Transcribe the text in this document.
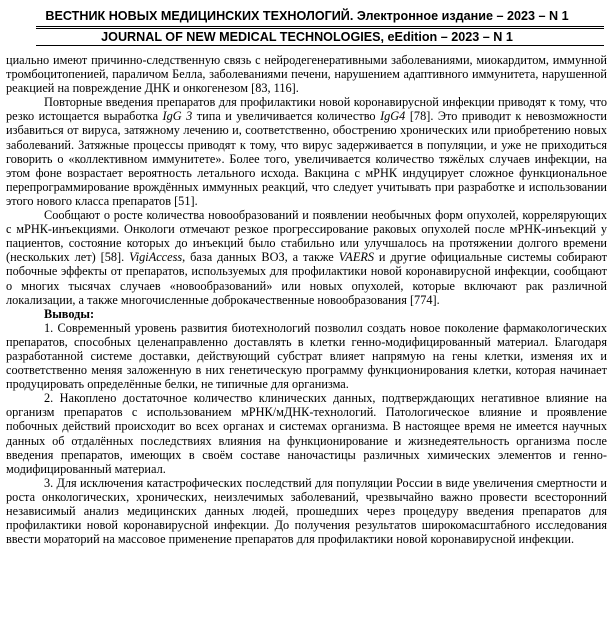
ВЕСТНИК НОВЫХ МЕДИЦИНСКИХ ТЕХНОЛОГИЙ. Электронное издание – 2023 – N 1
JOURNAL OF NEW MEDICAL TECHNOLOGIES, eEdition – 2023 – N 1

циально имеют причинно-следственную связь с нейродегенеративными заболеваниями, миокардитом, иммунной тромбоцитопенией, параличом Белла, заболеваниями печени, нарушением адаптивного иммунитета, нарушенной реакцией на повреждение ДНК и онкогенезом [83, 116].

Повторные введения препаратов для профилактики новой коронавирусной инфекции приводят к тому, что резко истощается выработка IgG 3 типа и увеличивается количество IgG4 [78]. Это приводит к невозможности избавиться от вируса, затяжному лечению и, соответственно, обострению хронических или приобретению новых заболеваний. Затяжные процессы приводят к тому, что вирус задерживается в популяции, и уже не приходиться говорить о «коллективном иммунитете». Более того, увеличивается количество тяжёлых случаев инфекции, на этом фоне возрастает вероятность летального исхода. Вакцина с мРНК индуцирует сложное функциональное перепрограммирование врождённых иммунных реакций, что следует учитывать при разработке и использовании этого нового класса препаратов [51].

Сообщают о росте количества новообразований и появлении необычных форм опухолей, коррелярующих с мРНК-инъекциями. Онкологи отмечают резкое прогрессирование раковых опухолей после мРНК-инъекций у пациентов, состояние которых до инъекций было стабильно или улучшалось на протяжении долгого времени (нескольких лет) [58]. VigiAccess, база данных ВОЗ, а также VAERS и другие официальные системы собирают побочные эффекты от препаратов, используемых для профилактики новой коронавирусной инфекции, сообщают о многих тысячах случаев «новообразований» или новых опухолей, которые включают рак различной локализации, а также многочисленные доброкачественные новообразования [774].

Выводы:

1. Современный уровень развития биотехнологий позволил создать новое поколение фармакологических препаратов, способных целенаправленно доставлять в клетки генно-модифицированный материал. Благодаря разработанной системе доставки, действующий субстрат влияет напрямую на гены клетки, изменяя их и соответственно меняя заложенную в них генетическую программу функционирования клетки, которая начинает продуцировать определённые белки, не типичные для организма.

2. Накоплено достаточное количество клинических данных, подтверждающих негативное влияние на организм препаратов с использованием мРНК/мДНК-технологий. Патологическое влияние и проявление побочных действий происходит во всех органах и системах организма. В настоящее время не имеется научных данных об отдалённых последствиях влияния на функционирование и жизнедеятельность организма после введения препаратов, имеющих в своём составе наночастицы различных химических элементов и генно-модифицированный материал.

3. Для исключения катастрофических последствий для популяции России в виде увеличения смертности и роста онкологических, хронических, неизлечимых заболеваний, чрезвычайно важно провести всесторонний независимый анализ медицинских данных людей, прошедших через процедуру введения препаратов для профилактики новой коронавирусной инфекции. До получения результатов широкомасштабного исследования ввести мораторий на массовое применение препаратов для профилактики новой коронавирусной инфекции.
